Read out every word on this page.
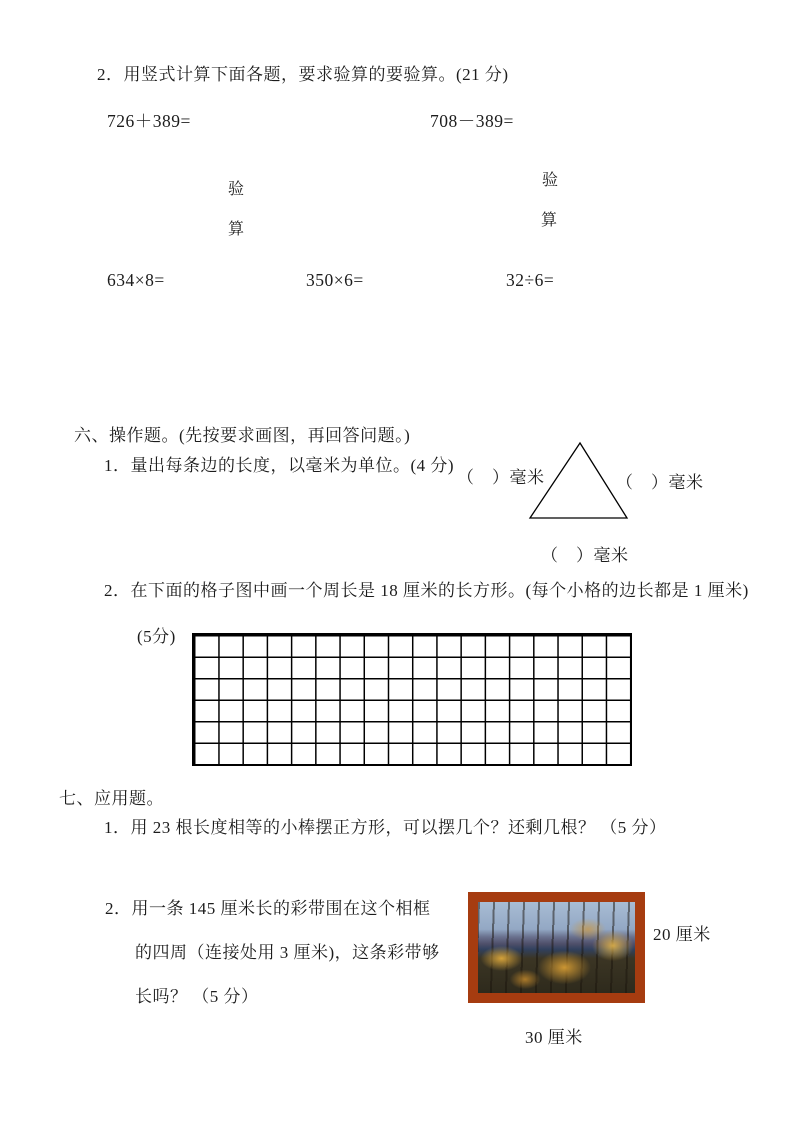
2．用竖式计算下面各题，要求验算的要验算。(21 分)
726＋389=	708－389=
验
算
验
算
634×8=	350×6=	32÷6=
六、操作题。(先按要求画图，再回答问题。)
1．量出每条边的长度，以毫米为单位。(4 分)
（　）毫米	（　）毫米
（　）毫米
2．在下面的格子图中画一个周长是 18 厘米的长方形。(每个小格的边长都是 1 厘米)
(5分)
七、应用题。
1．用 23 根长度相等的小棒摆正方形，可以摆几个？还剩几根？ （5 分）
2．用一条 145 厘米长的彩带围在这个相框
的四周（连接处用 3 厘米)，这条彩带够
长吗？ （5 分）
20 厘米
30 厘米
